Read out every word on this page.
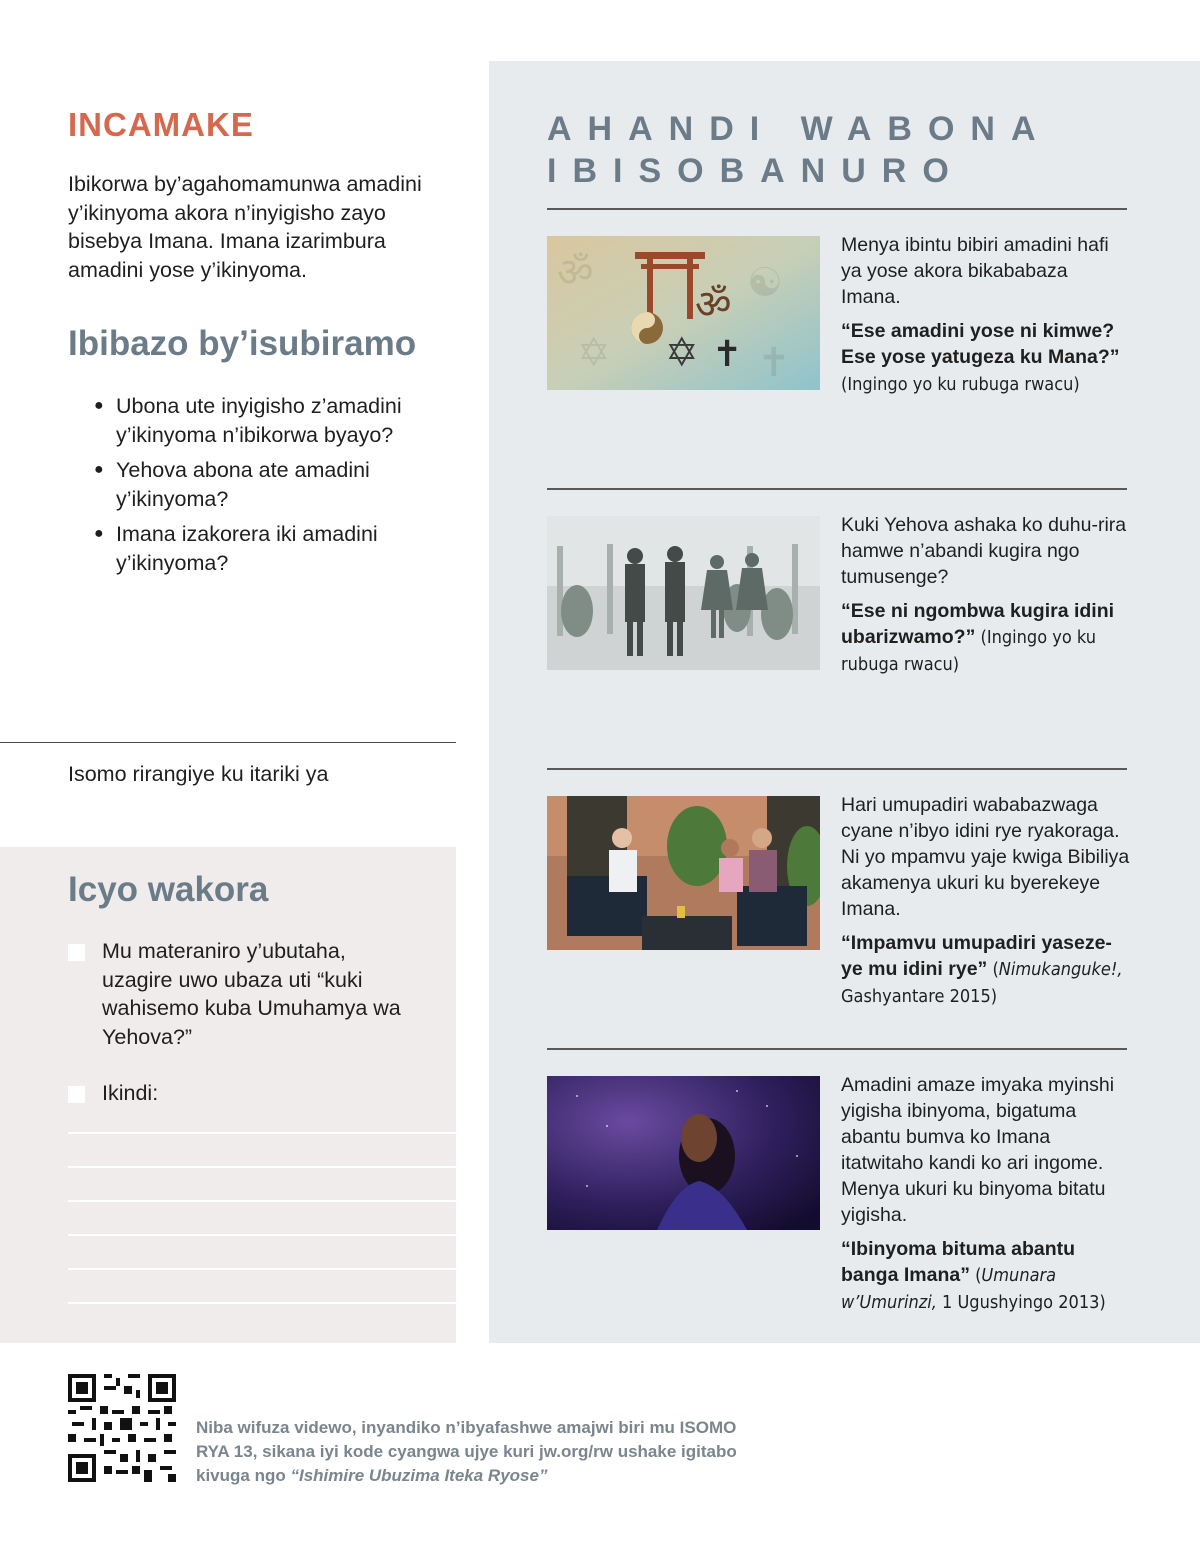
INCAMAKE

Ibikorwa by’agahomamunwa amadini y’ikinyoma akora n’inyigisho zayo bisebya Imana. Imana izarimbura amadini yose y’ikinyoma.

Ibibazo by’isubiramo
● Ubona ute inyigisho z’amadini y’ikinyoma n’ibikorwa byayo?
● Yehova abona ate amadini y’ikinyoma?
● Imana izakorera iki amadini y’ikinyoma?
Isomo rirangiye ku itariki ya
Icyo wakora

Mu materaniro y’ubutaha, uzagire uwo ubaza uti “kuki wahisemo kuba Umuhamya wa Yehova?”

Ikindi:

AHANDI WABONA
IBISOBANURO
ॐ	☯
✡	✝
ॐ
✡ ✝

Menya ibintu bibiri amadini hafi ya yose akora bikababaza Imana.

“Ese amadini yose ni kimwe? Ese yose yatugeza ku Mana?” (Ingingo yo ku rubuga rwacu)

Kuki Yehova ashaka ko duhu-rira hamwe n’abandi kugira ngo tumusenge?

“Ese ni ngombwa kugira idini ubarizwamo?” (Ingingo yo ku rubuga rwacu)

Hari umupadiri wababazwaga cyane n’ibyo idini rye ryakoraga. Ni yo mpamvu yaje kwiga Bibiliya akamenya ukuri ku byerekeye Imana.

“Impamvu umupadiri yaseze-ye mu idini rye” (Nimukanguke!, Gashyantare 2015)

Amadini amaze imyaka myinshi yigisha ibinyoma, bigatuma abantu bumva ko Imana itatwitaho kandi ko ari ingome. Menya ukuri ku binyoma bitatu yigisha.

“Ibinyoma bituma abantu banga Imana” (Umunara w’Umurinzi, 1 Ugushyingo 2013)

Niba wifuza videwo, inyandiko n’ibyafashwe amajwi biri mu ISOMO RYA 13, sikana iyi kode cyangwa ujye kuri jw.org/rw ushake igitabo kivuga ngo “Ishimire Ubuzima Iteka Ryose”
